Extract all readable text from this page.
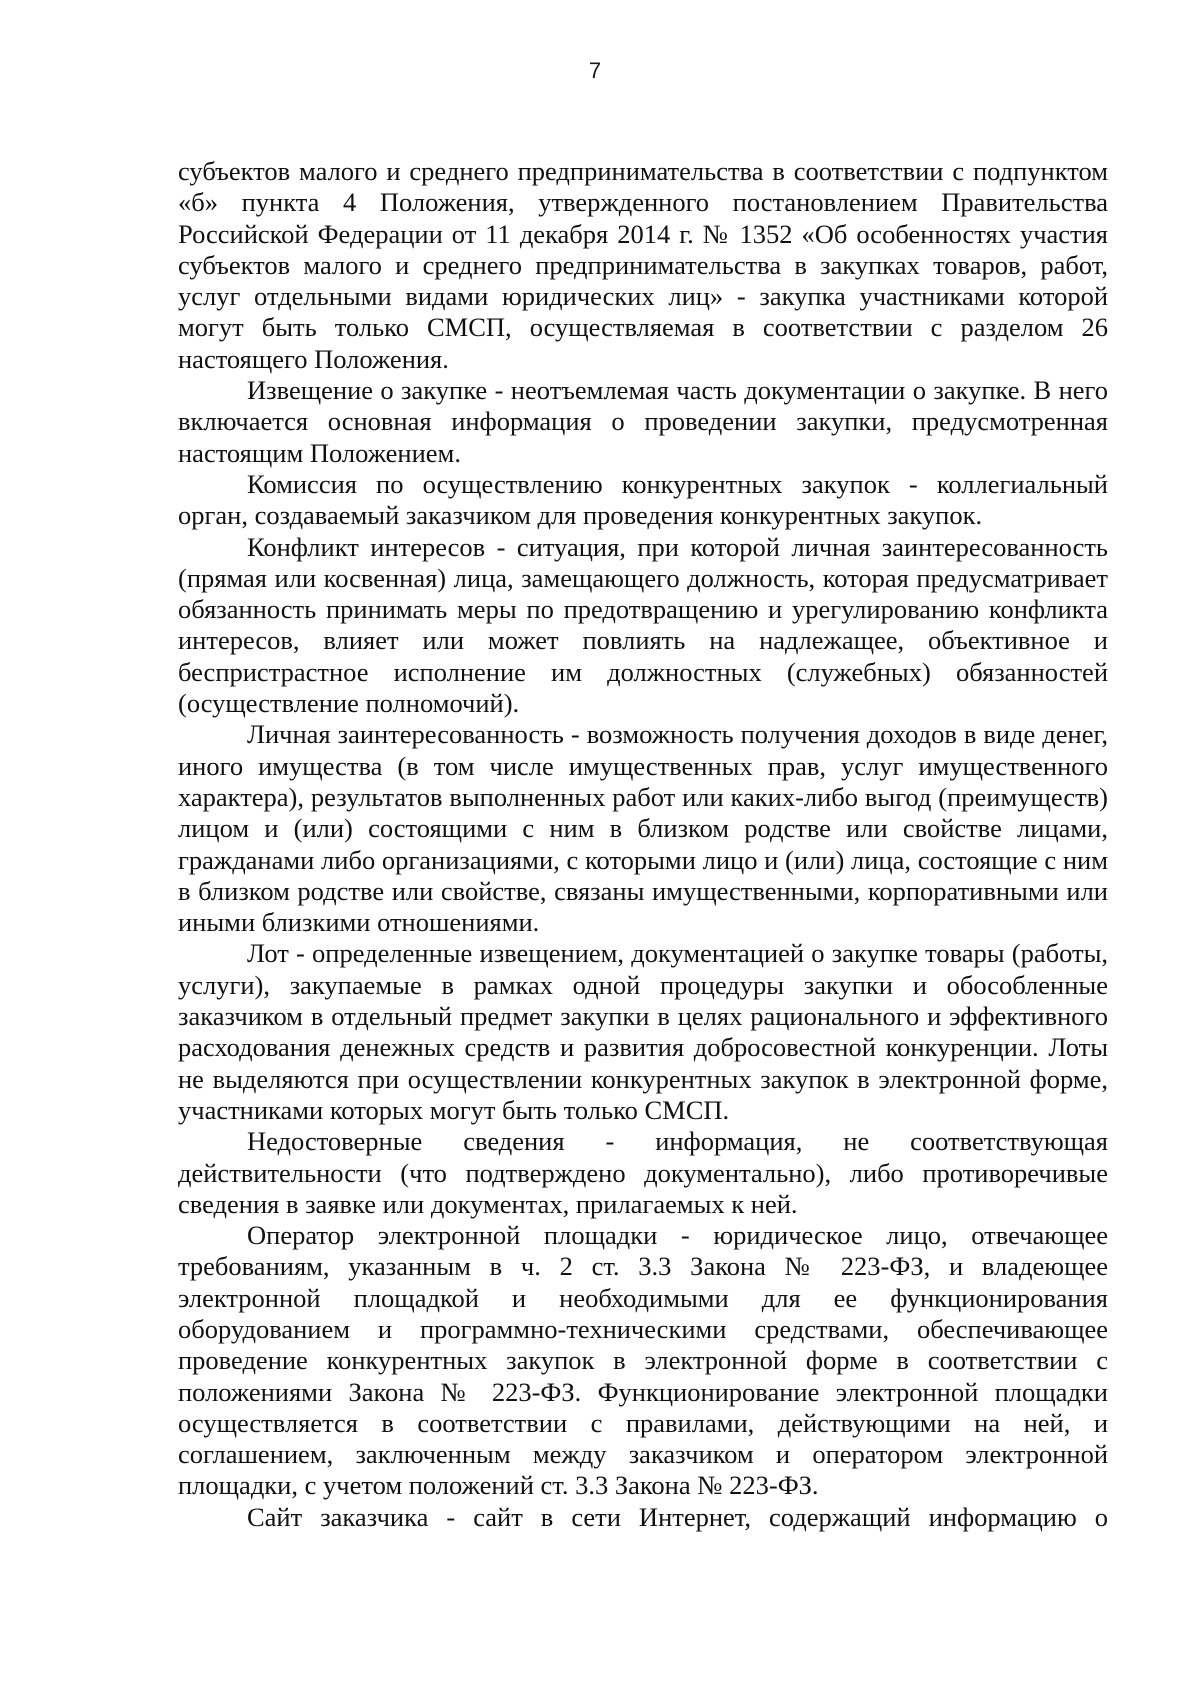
7

субъектов малого и среднего предпринимательства в соответствии с подпунктом «б» пункта 4 Положения, утвержденного постановлением Правительства Российской Федерации от 11 декабря 2014 г. № 1352 «Об особенностях участия субъектов малого и среднего предпринимательства в закупках товаров, работ, услуг отдельными видами юридических лиц» - закупка участниками которой могут быть только СМСП, осуществляемая в соответствии с разделом 26 настоящего Положения.

Извещение о закупке - неотъемлемая часть документации о закупке. В него включается основная информация о проведении закупки, предусмотренная настоящим Положением.

Комиссия по осуществлению конкурентных закупок - коллегиальный орган, создаваемый заказчиком для проведения конкурентных закупок.

Конфликт интересов - ситуация, при которой личная заинтересованность (прямая или косвенная) лица, замещающего должность, которая предусматривает обязанность принимать меры по предотвращению и урегулированию конфликта интересов, влияет или может повлиять на надлежащее, объективное и беспристрастное исполнение им должностных (служебных) обязанностей (осуществление полномочий).

Личная заинтересованность - возможность получения доходов в виде денег, иного имущества (в том числе имущественных прав, услуг имущественного характера), результатов выполненных работ или каких-либо выгод (преимуществ) лицом и (или) состоящими с ним в близком родстве или свойстве лицами, гражданами либо организациями, с которыми лицо и (или) лица, состоящие с ним в близком родстве или свойстве, связаны имущественными, корпоративными или иными близкими отношениями.

Лот - определенные извещением, документацией о закупке товары (работы, услуги), закупаемые в рамках одной процедуры закупки и обособленные заказчиком в отдельный предмет закупки в целях рационального и эффективного расходования денежных средств и развития добросовестной конкуренции. Лоты не выделяются при осуществлении конкурентных закупок в электронной форме, участниками которых могут быть только СМСП.

Недостоверные сведения - информация, не соответствующая действительности (что подтверждено документально), либо противоречивые сведения в заявке или документах, прилагаемых к ней.

Оператор электронной площадки - юридическое лицо, отвечающее требованиям, указанным в ч. 2 ст. 3.3 Закона № 223-ФЗ, и владеющее электронной площадкой и необходимыми для ее функционирования оборудованием и программно-техническими средствами, обеспечивающее проведение конкурентных закупок в электронной форме в соответствии с положениями Закона № 223-ФЗ. Функционирование электронной площадки осуществляется в соответствии с правилами, действующими на ней, и соглашением, заключенным между заказчиком и оператором электронной площадки, с учетом положений ст. 3.3 Закона № 223-ФЗ.

Сайт заказчика - сайт в сети Интернет, содержащий информацию о
